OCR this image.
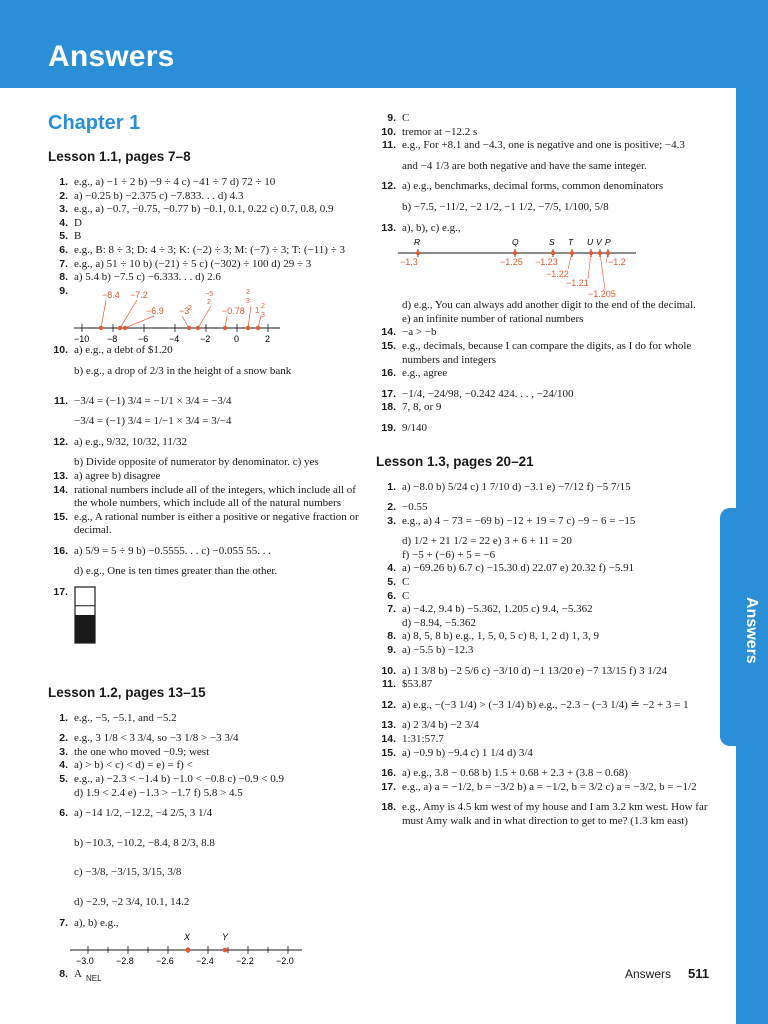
Answers
Answers
Chapter 1
Lesson 1.1, pages 7–8
1. e.g., a) −1 ÷ 2 b) −9 ÷ 4 c) −41 ÷ 7 d) 72 ÷ 10
2. a) −0.25 b) −2.375 c) −7.833. . . d) 4.3
3. e.g., a) −0.7, −0.75, −0.77 b) −0.1, 0.1, 0.22 c) 0.7, 0.8, 0.9
4. D
5. B
6. e.g., B: 8 ÷ 3; D: 4 ÷ 3; K: (−2) ÷ 3; M: (−7) ÷ 3; T: (−11) ÷ 3
7. e.g., a) 51 ÷ 10 b) (−21) ÷ 5 c) (−302) ÷ 100 d) 29 ÷ 3
8. a) 5.4 b) −7.5 c) −6.333. . . d) 2.6
9.	−8.4 −7.2
−6.9 −3
2
−5
2
−0.78 1 2
3
2
3
−10 −8 −6 −4 −2	0	2
10. a) e.g., a debt of $1.20
b) e.g., a drop of 2/3 in the height of a snow bank
11. −3/4 = (−1) 3/4 = −1/1 × 3/4 = −3/4
−3/4 = (−1) 3/4 = 1/−1 × 3/4 = 3/−4
12. a) e.g., 9/32, 10/32, 11/32
b) Divide opposite of numerator by denominator. c) yes
13. a) agree b) disagree
14. rational numbers include all of the integers, which include all of the whole numbers, which include all of the natural numbers
15. e.g., A rational number is either a positive or negative fraction or decimal.
16. a) 5/9 = 5 ÷ 9 b) −0.5555. . . c) −0.055 55. . .
d) e.g., One is ten times greater than the other.
17.
Lesson 1.2, pages 13–15
1. e.g., −5, −5.1, and −5.2
2. e.g., 3 1/8 < 3 3/4, so −3 1/8 > −3 3/4
3. the one who moved −0.9; west
4. a) > b) < c) < d) = e) = f) <
5. e.g., a) −2.3 < −1.4 b) −1.0 < −0.8 c) −0.9 < 0.9
d) 1.9 < 2.4 e) −1.3 > −1.7 f) 5.8 > 4.5
6. a) −14 1/2, −12.2, −4 2/5, 3 1/4
b) −10.3, −10.2, −8.4, 8 2/3, 8.8
c) −3/8, −3/15, 3/15, 3/8
d) −2.9, −2 3/4, 10.1, 14.2
7. a), b) e.g.,
X	Y
−3.0 −2.8 −2.6 −2.4 −2.2 −2.0
8. A
9. C
10. tremor at −12.2 s
11. e.g., For +8.1 and −4.3, one is negative and one is positive; −4.3
and −4 1/3 are both negative and have the same integer.
12. a) e.g., benchmarks, decimal forms, common denominators
b) −7.5, −11/2, −2 1/2, −1 1/2, −7/5, 1/100, 5/8
13. a), b), c) e.g.,
R	Q	S T U V P
−1.3	−1.25 −1.23	−1.2
−1.22
−1.21
−1.205
d) e.g., You can always add another digit to the end of the decimal.
e) an infinite number of rational numbers
14. −a > −b
15. e.g., decimals, because I can compare the digits, as I do for whole numbers and integers
16. e.g., agree
17. −1/4, −24/98, −0.242 424. . . , −24/100
18. 7, 8, or 9
19. 9/140
Lesson 1.3, pages 20–21
1. a) −8.0 b) 5/24 c) 1 7/10 d) −3.1 e) −7/12 f) −5 7/15
2. −0.55
3. e.g., a) 4 − 73 = −69 b) −12 + 19 = 7 c) −9 − 6 = −15
d) 1/2 + 21 1/2 = 22 e) 3 + 6 + 11 = 20
f) −5 + (−6) + 5 = −6
4. a) −69.26 b) 6.7 c) −15.30 d) 22.07 e) 20.32 f) −5.91
5. C
6. C
7. a) −4.2, 9.4 b) −5.362, 1.205 c) 9.4, −5.362
d) −8.94, −5.362
8. a) 8, 5, 8 b) e.g., 1, 5, 0, 5 c) 8, 1, 2 d) 1, 3, 9
9. a) −5.5 b) −12.3
10. a) 1 3/8 b) −2 5/6 c) −3/10 d) −1 13/20 e) −7 13/15 f) 3 1/24
11. $53.87
12. a) e.g., −(−3 1/4) > (−3 1/4) b) e.g., −2.3 − (−3 1/4) ≐ −2 + 3 = 1
13. a) 2 3/4 b) −2 3/4
14. 1:31:57.7
15. a) −0.9 b) −9.4 c) 1 1/4 d) 3/4
16. a) e.g., 3.8 − 0.68 b) 1.5 + 0.68 + 2.3 + (3.8 − 0.68)
17. e.g., a) a = −1/2, b = −3/2 b) a = −1/2, b = 3/2 c) a = −3/2, b = −1/2
18. e.g., Amy is 4.5 km west of my house and I am 3.2 km west. How far must Amy walk and in what direction to get to me? (1.3 km east)
NEL	Answers 511
